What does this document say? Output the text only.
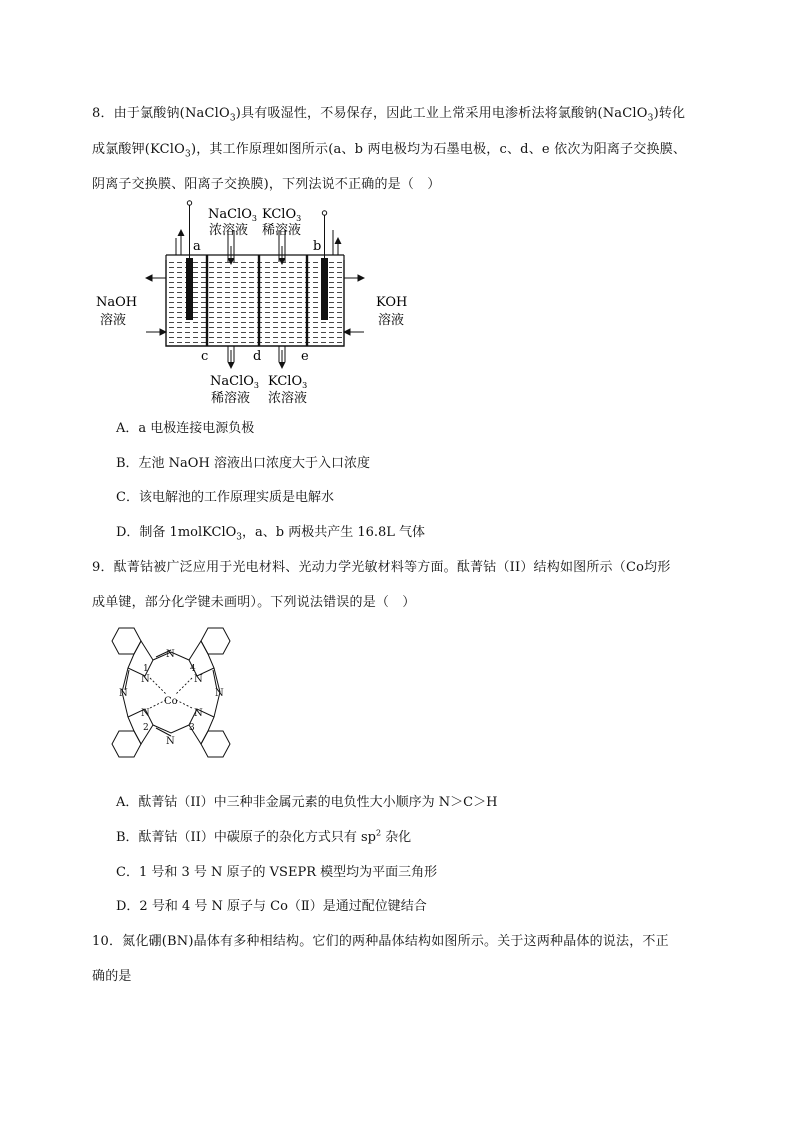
8．由于氯酸钠(NaClO$_3$)具有吸湿性，不易保存，因此工业上常采用电渗析法将氯酸钠(NaClO$_3$)转化
成氯酸钾(KClO$_3$)，其工作原理如图所示(a、b 两电极均为石墨电极，c、d、e 依次为阳离子交换膜、
阴离子交换膜、阳离子交换膜)，下列法说不正确的是（　）
NaClO$_3$
浓溶液
KClO$_3$
稀溶液
a	b
c	d	e
NaClO$_3$
稀溶液
KClO$_3$
浓溶液
NaOH
溶液
KOH
溶液
A．a 电极连接电源负极
B．左池 NaOH 溶液出口浓度大于入口浓度
C．该电解池的工作原理实质是电解水
D．制备 1molKClO$_3$，a、b 两极共产生 16.8L 气体
9．酞菁钴被广泛应用于光电材料、光动力学光敏材料等方面。酞菁钴（II）结构如图所示（Co均形
成单键，部分化学键未画明）。下列说法错误的是（　）
Co
N
N
N	N
N	N
N	N
1
2	3
4
A．酞菁钴（II）中三种非金属元素的电负性大小顺序为 N＞C＞H
B．酞菁钴（II）中碳原子的杂化方式只有 $sp^2$ 杂化
C．1 号和 3 号 N 原子的 VSEPR 模型均为平面三角形
D．2 号和 4 号 N 原子与 Co（Ⅱ）是通过配位键结合
10．氮化硼(BN)晶体有多种相结构。它们的两种晶体结构如图所示。关于这两种晶体的说法，不正
确的是
